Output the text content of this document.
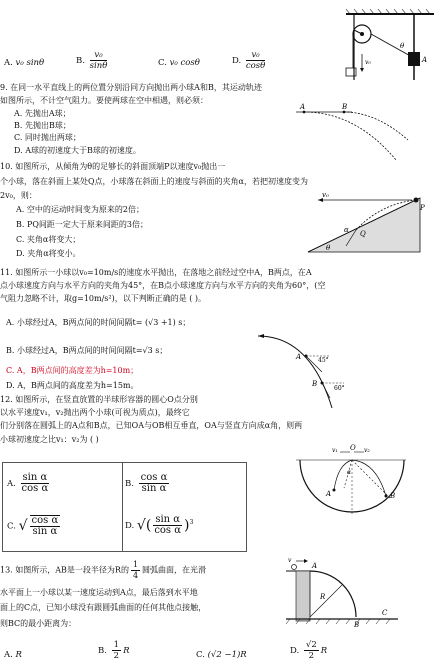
A. v₀ sinθ	B. $\frac{\text{v₀}}{\sin\theta}$	C. v₀ cosθ	D. $\frac{\text{v₀}}{\cos\theta}$
θ
A
v₀
9. 在同一水平直线上的两位置分别沿同方向抛出两小球A和B，其运动轨迹
如图所示，不计空气阻力。要使两球在空中相遇，则必须：
A. 先抛出A球；
B. 先抛出B球；
C. 同时抛出两球；
D. A球的初速度大于B球的初速度。
A	B
10. 如图所示，从倾角为θ的足够长的斜面顶端P以速度v₀抛出一
个小球，落在斜面上某处Q点，小球落在斜面上的速度与斜面的夹角α，若把初速度变为
2v₀，则：
A. 空中的运动时间变为原来的2倍；
B. PQ间距一定大于原来间距的3倍；
C. 夹角α将变大；
D. 夹角α将变小。
v₀
P
α Q
θ
11. 如图所示一小球以v₀=10m/s的速度水平抛出，在落地之前经过空中A，B两点，在A
点小球速度方向与水平方向的夹角为45°，在B点小球速度方向与水平方向的夹角为60°，(空
气阻力忽略不计，取g=10m/s²)，以下判断正确的是 ( )。
A. 小球经过A，B两点间的时间间隔t= (√3 +1) s；
B. 小球经过A，B两点间的时间间隔t=√3 s；
C. A，B两点间的高度差为h=10m；
D. A，B两点间的高度差为h=15m。
A	45°
B
60°
12. 如图所示，在竖直放置的半球形容器的圆心O点分别
以水平速度v₁，v₂抛出两个小球(可视为质点)，最终它
们分别落在圆弧上的A点和B点，已知OA与OB相互垂直，OA与竖直方向成α角，则两
小球初速度之比v₁：v₂为 ( )
A. $\frac{\text{sin α}}{\text{cos α}}$	B. $\frac{\text{cos α}}{\text{sin α}}$
C. √ $\frac{\text{cos α}}{\text{sin α}}$	D. √( $\frac{\text{sin α}}{\text{cos α}} )^3$
v₁ O v₂
α
A	B
13. 如图所示，AB是一段半径为R的 $\frac{1}{4}$ 圆弧曲面，在光滑
水平面上一小球以某一速度运动到A点，最后落到水平地
面上的C点，已知小球没有跟圆弧曲面的任何其他点接触，
则BC的最小距离为：
A. R	B. $\frac{1}{2}$ R	C. (√2 −1)R	D. $\frac{√2}{2}$ R
v
A
R
B
C
